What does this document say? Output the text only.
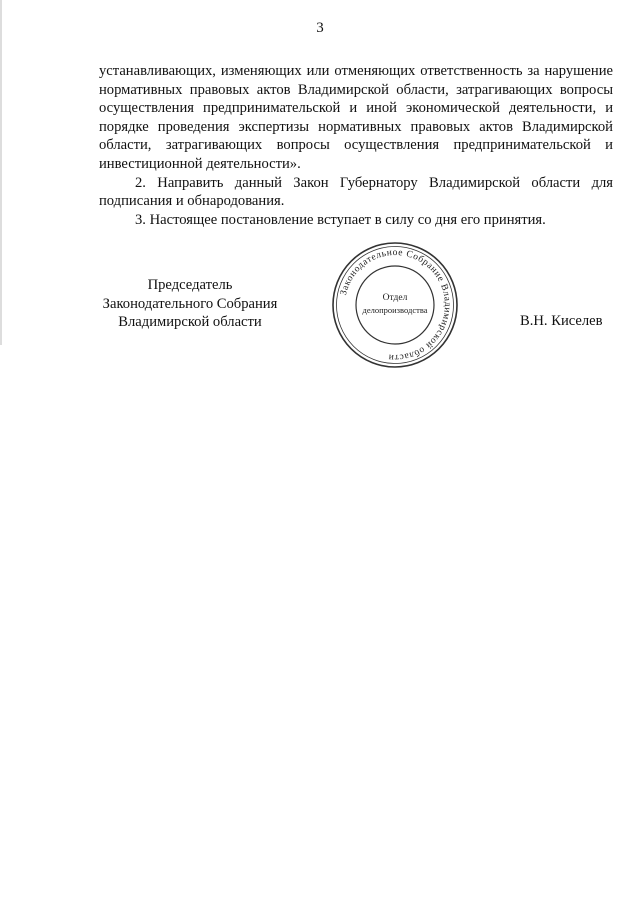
3

устанавливающих, изменяющих или отменяющих ответственность за нарушение нормативных правовых актов Владимирской области, затрагивающих вопросы осуществления предпринимательской и иной экономической деятельности, и порядке проведения экспертизы нормативных правовых актов Владимирской области, затрагивающих вопросы осуществления предпринимательской и инвестиционной деятельности».

2. Направить данный Закон Губернатору Владимирской области для подписания и обнародования.

3. Настоящее постановление вступает в силу со дня его принятия.

Председатель
Законодательного Собрания
Владимирской области
Законодательное Собрание Владимирской области
Отдел
делопроизводства
В.Н. Киселев
